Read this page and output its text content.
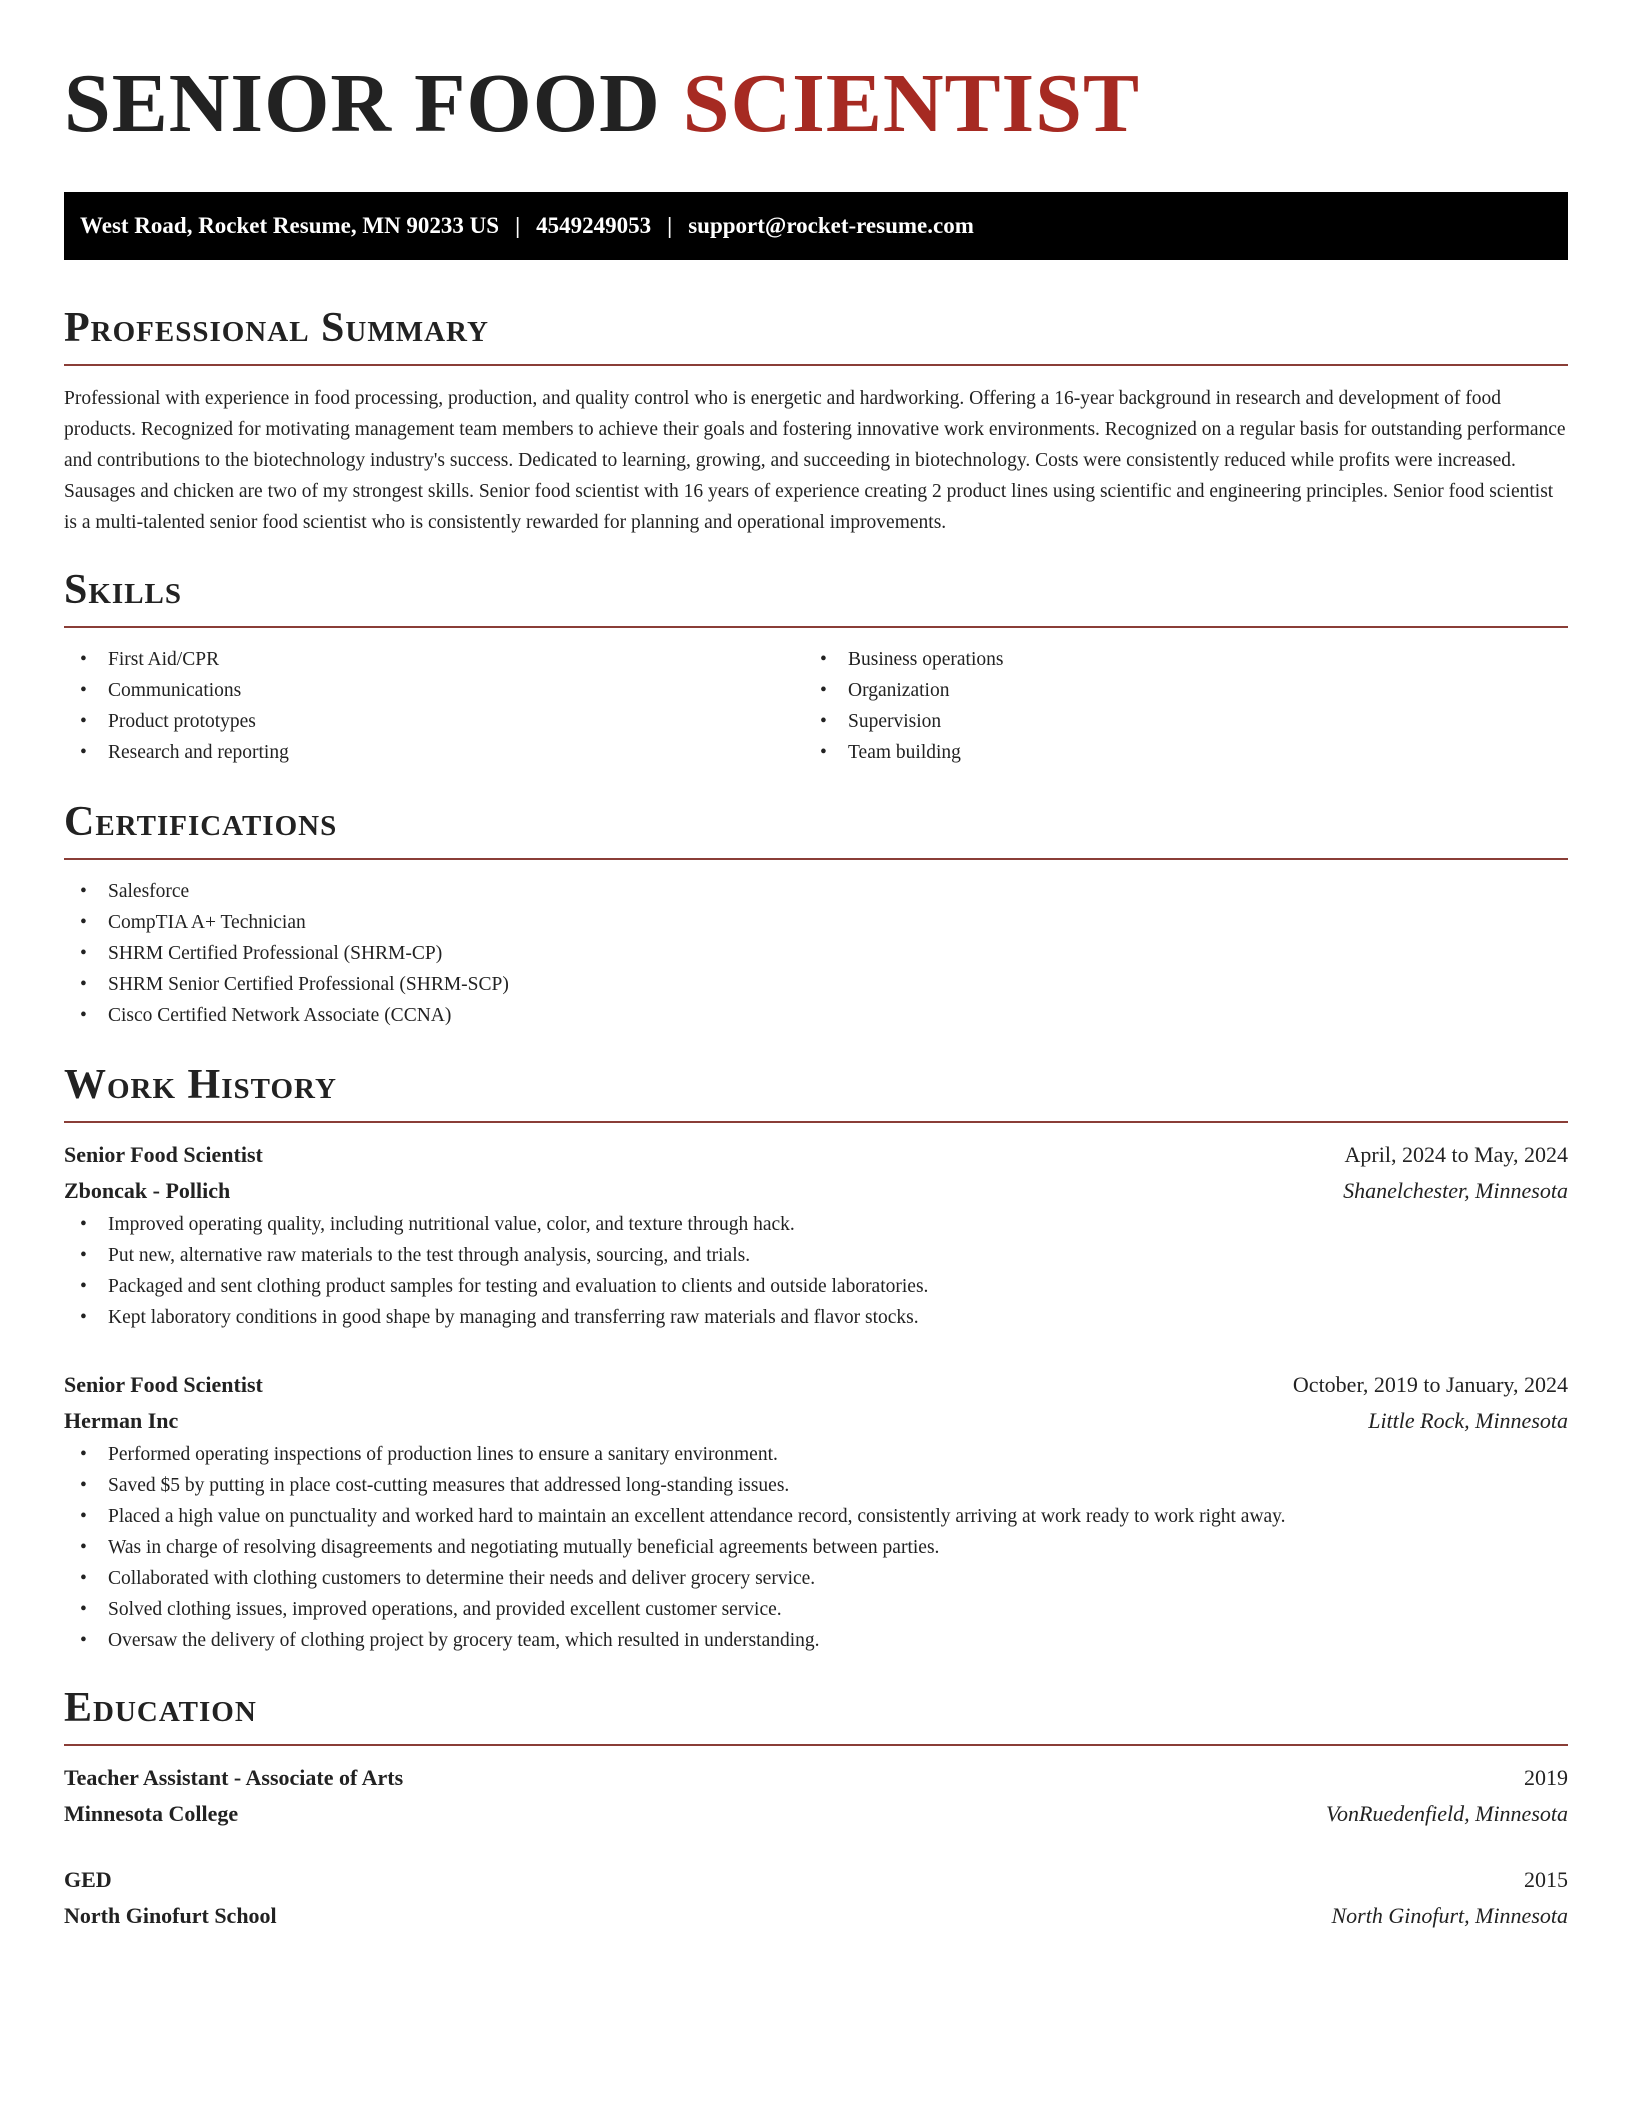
SENIOR FOOD SCIENTIST
West Road, Rocket Resume, MN 90233 US | 4549249053 | support@rocket-resume.com
Professional Summary

Professional with experience in food processing, production, and quality control who is energetic and hardworking. Offering a 16-year background in research and development of food products. Recognized for motivating management team members to achieve their goals and fostering innovative work environments. Recognized on a regular basis for outstanding performance and contributions to the biotechnology industry's success. Dedicated to learning, growing, and succeeding in biotechnology. Costs were consistently reduced while profits were increased. Sausages and chicken are two of my strongest skills. Senior food scientist with 16 years of experience creating 2 product lines using scientific and engineering principles. Senior food scientist is a multi-talented senior food scientist who is consistently rewarded for planning and operational improvements.

Skills
• First Aid/CPR
• Communications
• Product prototypes
• Research and reporting
• Business operations
• Organization
• Supervision
• Team building
Certifications
• Salesforce
• CompTIA A+ Technician
• SHRM Certified Professional (SHRM-CP)
• SHRM Senior Certified Professional (SHRM-SCP)
• Cisco Certified Network Associate (CCNA)
Work History
Senior Food Scientist	April, 2024 to May, 2024
Zboncak - Pollich	Shanelchester, Minnesota
• Improved operating quality, including nutritional value, color, and texture through hack.
• Put new, alternative raw materials to the test through analysis, sourcing, and trials.
• Packaged and sent clothing product samples for testing and evaluation to clients and outside laboratories.
• Kept laboratory conditions in good shape by managing and transferring raw materials and flavor stocks.
Senior Food Scientist	October, 2019 to January, 2024
Herman Inc	Little Rock, Minnesota
• Performed operating inspections of production lines to ensure a sanitary environment.
• Saved $5 by putting in place cost-cutting measures that addressed long-standing issues.
• Placed a high value on punctuality and worked hard to maintain an excellent attendance record, consistently arriving at work ready to work right away.
• Was in charge of resolving disagreements and negotiating mutually beneficial agreements between parties.
• Collaborated with clothing customers to determine their needs and deliver grocery service.
• Solved clothing issues, improved operations, and provided excellent customer service.
• Oversaw the delivery of clothing project by grocery team, which resulted in understanding.
Education
Teacher Assistant - Associate of Arts	2019
Minnesota College	VonRuedenfield, Minnesota
GED	2015
North Ginofurt School	North Ginofurt, Minnesota
